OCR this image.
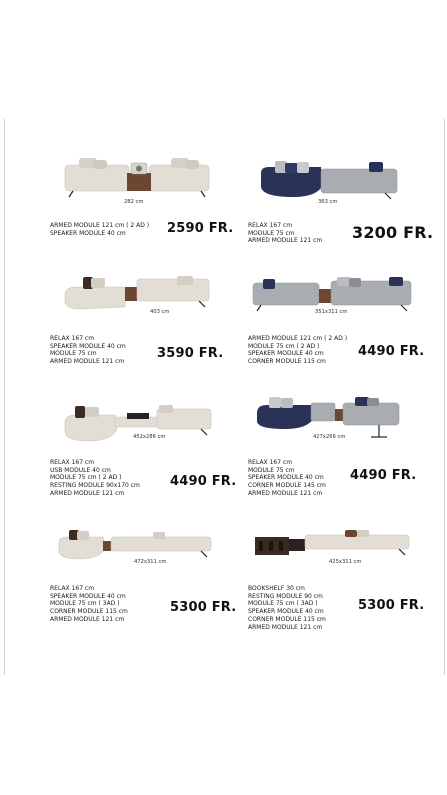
282 cm
ARMED MODULE 121 cm ( 2 AD )
SPEAKER MODULE 40 cm	2590 FR.
363 cm
RELAX 167 cm
MODULE 75 cm
ARMED MODULE 121 cm 3200 FR.
403 cm
RELAX 167 cm
SPEAKER MODULE 40 cm
MODULE 75 cm
ARMED MODULE 121 cm
3590 FR.
351x311 cm
ARMED MODULE 121 cm ( 2 AD )
MODULE 75 cm ( 2 AD )
SPEAKER MODULE 40 cm
CORNER MODULE 115 cm
4490 FR.
452x286 cm
RELAX 167 cm
USB MODULE 40 cm
MODULE 75 cm ( 2 AD )
RESTING MODULE 90x170 cm
ARMED MODULE 121 cm
4490 FR.
427x266 cm
RELAX 167 cm
MODULE 75 cm
SPEAKER MODULE 40 cm
CORNER MODULE 145 cm
ARMED MODULE 121 cm
4490 FR.
472x311 cm
RELAX 167 cm
SPEAKER MODULE 40 cm
MODULE 75 cm ( 3AD )
CORNER MODULE 115 cm
ARMED MODULE 121 cm
5300 FR.
425x311 cm
BOOKSHELF 30 cm
RESTING MODULE 90 cm
MODULE 75 cm ( 3AD )
SPEAKER MODULE 40 cm
CORNER MODULE 115 cm
ARMED MODULE 121 cm
5300 FR.
